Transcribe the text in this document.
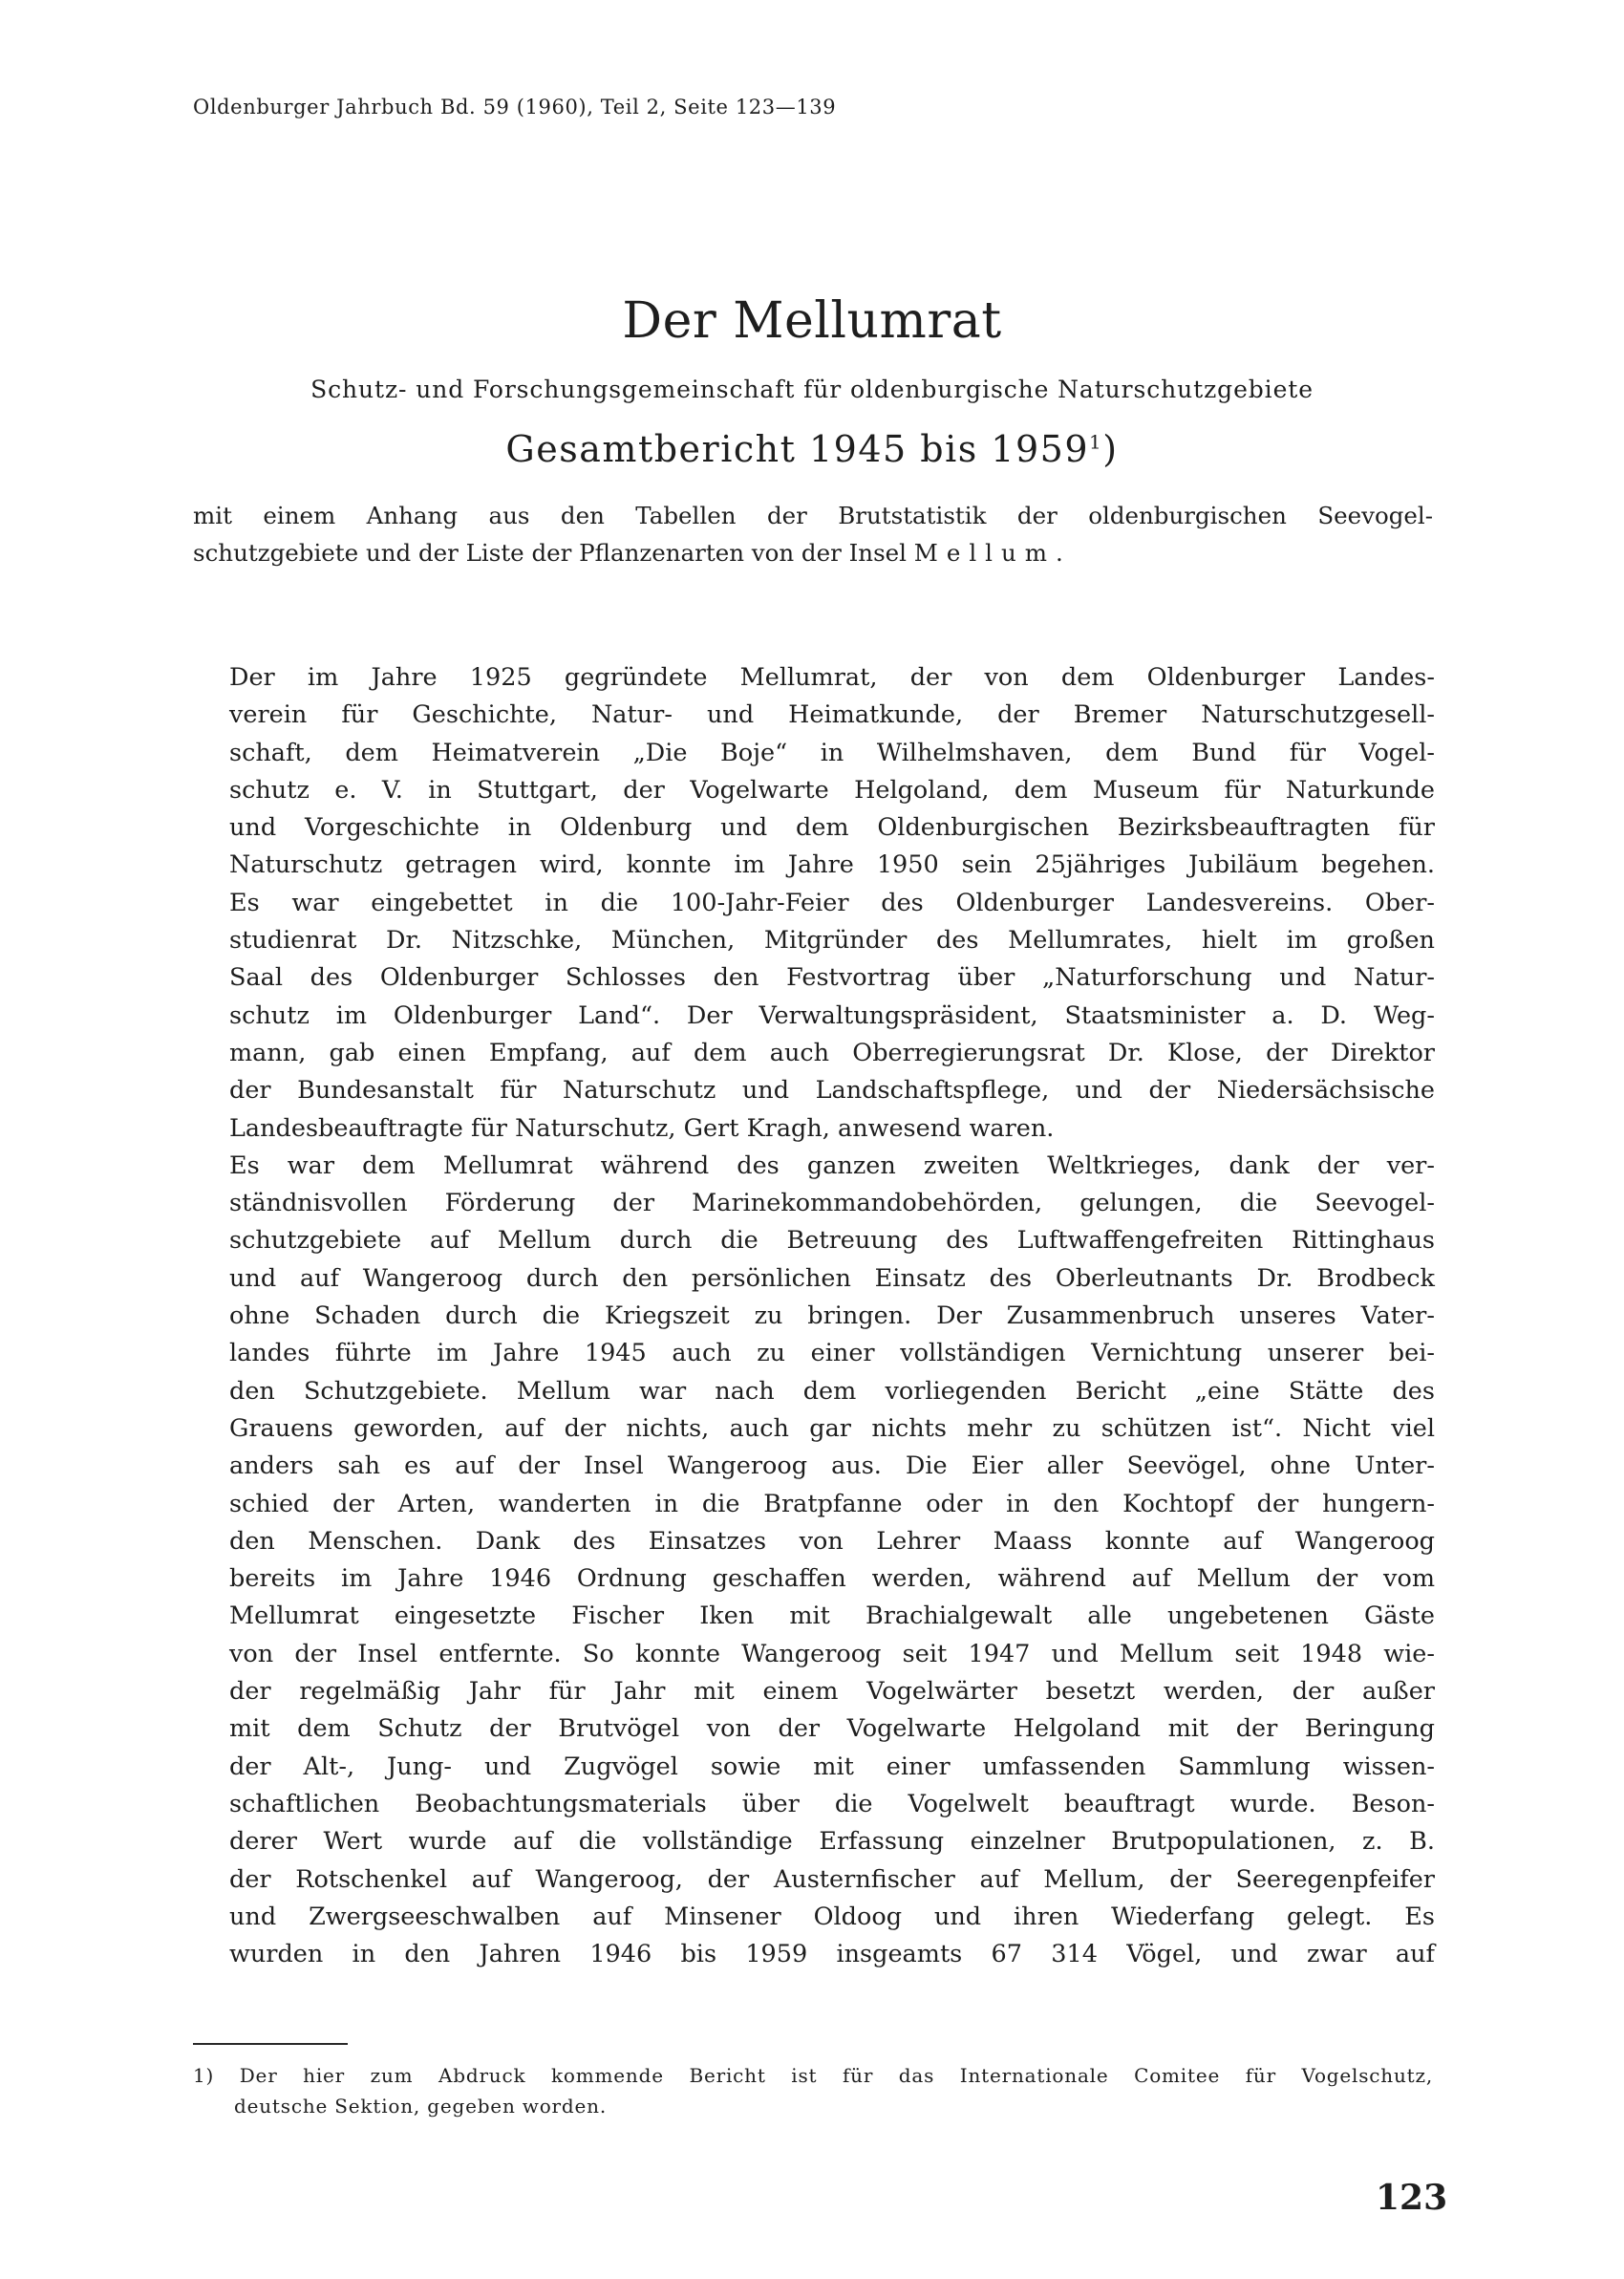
Oldenburger Jahrbuch Bd. 59 (1960), Teil 2, Seite 123—139
Der Mellumrat
Schutz- und Forschungsgemeinschaft für oldenburgische Naturschutzgebiete
Gesamtbericht 1945 bis 1959$^1$)
mit einem Anhang aus den Tabellen der Brutstatistik der oldenburgischen Seevogel-
schutzgebiete und der Liste der Pflanzenarten von der Insel Mellum.
Der im Jahre 1925 gegründete Mellumrat, der von dem Oldenburger Landes-
verein für Geschichte, Natur- und Heimatkunde, der Bremer Naturschutzgesell-
schaft, dem Heimatverein „Die Boje“ in Wilhelmshaven, dem Bund für Vogel-
schutz e. V. in Stuttgart, der Vogelwarte Helgoland, dem Museum für Naturkunde
und Vorgeschichte in Oldenburg und dem Oldenburgischen Bezirksbeauftragten für
Naturschutz getragen wird, konnte im Jahre 1950 sein 25jähriges Jubiläum begehen.
Es war eingebettet in die 100-Jahr-Feier des Oldenburger Landesvereins. Ober-
studienrat Dr. Nitzschke, München, Mitgründer des Mellumrates, hielt im großen
Saal des Oldenburger Schlosses den Festvortrag über „Naturforschung und Natur-
schutz im Oldenburger Land“. Der Verwaltungspräsident, Staatsminister a. D. Weg-
mann, gab einen Empfang, auf dem auch Oberregierungsrat Dr. Klose, der Direktor
der Bundesanstalt für Naturschutz und Landschaftspflege, und der Niedersächsische
Landesbeauftragte für Naturschutz, Gert Kragh, anwesend waren.
Es war dem Mellumrat während des ganzen zweiten Weltkrieges, dank der ver-
ständnisvollen Förderung der Marinekommandobehörden, gelungen, die Seevogel-
schutzgebiete auf Mellum durch die Betreuung des Luftwaffengefreiten Rittinghaus
und auf Wangeroog durch den persönlichen Einsatz des Oberleutnants Dr. Brodbeck
ohne Schaden durch die Kriegszeit zu bringen. Der Zusammenbruch unseres Vater-
landes führte im Jahre 1945 auch zu einer vollständigen Vernichtung unserer bei-
den Schutzgebiete. Mellum war nach dem vorliegenden Bericht „eine Stätte des
Grauens geworden, auf der nichts, auch gar nichts mehr zu schützen ist“. Nicht viel
anders sah es auf der Insel Wangeroog aus. Die Eier aller Seevögel, ohne Unter-
schied der Arten, wanderten in die Bratpfanne oder in den Kochtopf der hungern-
den Menschen. Dank des Einsatzes von Lehrer Maass konnte auf Wangeroog
bereits im Jahre 1946 Ordnung geschaffen werden, während auf Mellum der vom
Mellumrat eingesetzte Fischer Iken mit Brachialgewalt alle ungebetenen Gäste
von der Insel entfernte. So konnte Wangeroog seit 1947 und Mellum seit 1948 wie-
der regelmäßig Jahr für Jahr mit einem Vogelwärter besetzt werden, der außer
mit dem Schutz der Brutvögel von der Vogelwarte Helgoland mit der Beringung
der Alt-, Jung- und Zugvögel sowie mit einer umfassenden Sammlung wissen-
schaftlichen Beobachtungsmaterials über die Vogelwelt beauftragt wurde. Beson-
derer Wert wurde auf die vollständige Erfassung einzelner Brutpopulationen, z. B.
der Rotschenkel auf Wangeroog, der Austernfischer auf Mellum, der Seeregenpfeifer
und Zwergseeschwalben auf Minsener Oldoog und ihren Wiederfang gelegt. Es
wurden in den Jahren 1946 bis 1959 insgeamts 67 314 Vögel, und zwar auf
1) Der hier zum Abdruck kommende Bericht ist für das Internationale Comitee für Vogelschutz,
deutsche Sektion, gegeben worden.
123
